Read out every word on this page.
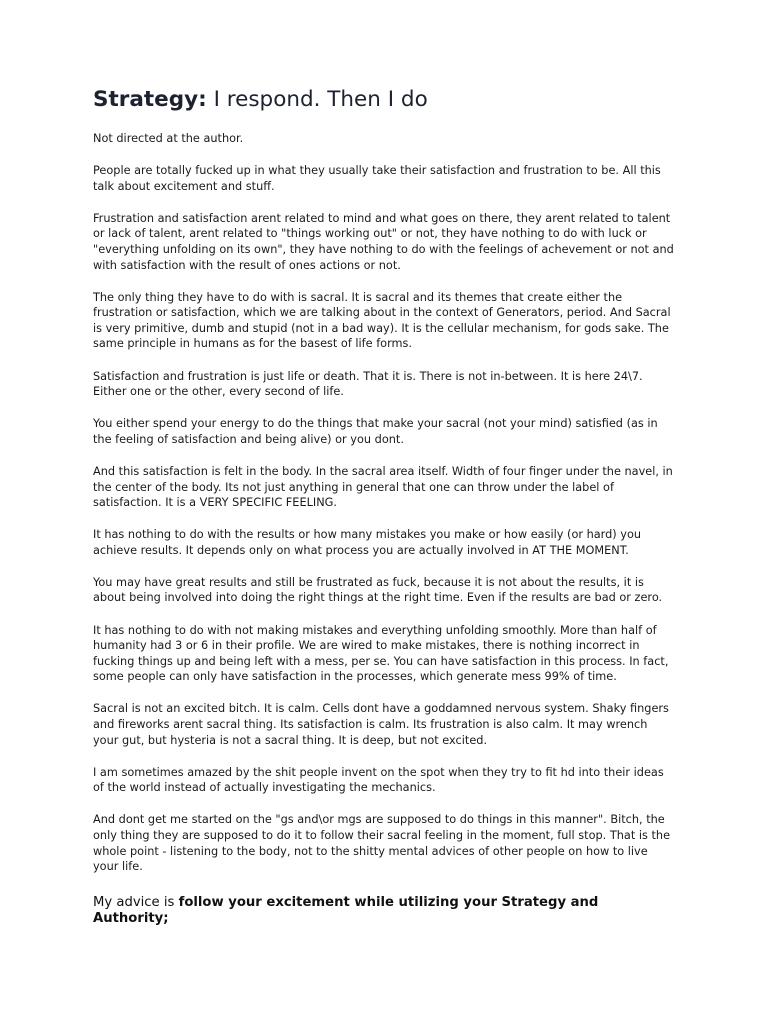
Strategy: I respond. Then I do

Not directed at the author.

People are totally fucked up in what they usually take their satisfaction and frustration to be. All this talk about excitement and stuff.

Frustration and satisfaction arent related to mind and what goes on there, they arent related to talent or lack of talent, arent related to "things working out" or not, they have nothing to do with luck or "everything unfolding on its own", they have nothing to do with the feelings of achevement or not and with satisfaction with the result of ones actions or not.

The only thing they have to do with is sacral. It is sacral and its themes that create either the frustration or satisfaction, which we are talking about in the context of Generators, period. And Sacral is very primitive, dumb and stupid (not in a bad way). It is the cellular mechanism, for gods sake. The same principle in humans as for the basest of life forms.

Satisfaction and frustration is just life or death. That it is. There is not in-between. It is here 24\7. Either one or the other, every second of life.

You either spend your energy to do the things that make your sacral (not your mind) satisfied (as in the feeling of satisfaction and being alive) or you dont.

And this satisfaction is felt in the body. In the sacral area itself. Width of four finger under the navel, in the center of the body. Its not just anything in general that one can throw under the label of satisfaction. It is a VERY SPECIFIC FEELING.

It has nothing to do with the results or how many mistakes you make or how easily (or hard) you achieve results. It depends only on what process you are actually involved in AT THE MOMENT.

You may have great results and still be frustrated as fuck, because it is not about the results, it is about being involved into doing the right things at the right time. Even if the results are bad or zero.

It has nothing to do with not making mistakes and everything unfolding smoothly. More than half of humanity had 3 or 6 in their profile. We are wired to make mistakes, there is nothing incorrect in fucking things up and being left with a mess, per se. You can have satisfaction in this process. In fact, some people can only have satisfaction in the processes, which generate mess 99% of time.

Sacral is not an excited bitch. It is calm. Cells dont have a goddamned nervous system. Shaky fingers and fireworks arent sacral thing. Its satisfaction is calm. Its frustration is also calm. It may wrench your gut, but hysteria is not a sacral thing. It is deep, but not excited.

I am sometimes amazed by the shit people invent on the spot when they try to fit hd into their ideas of the world instead of actually investigating the mechanics.

And dont get me started on the "gs and\or mgs are supposed to do things in this manner". Bitch, the only thing they are supposed to do it to follow their sacral feeling in the moment, full stop. That is the whole point - listening to the body, not to the shitty mental advices of other people on how to live your life.

My advice is follow your excitement while utilizing your Strategy and Authority;
